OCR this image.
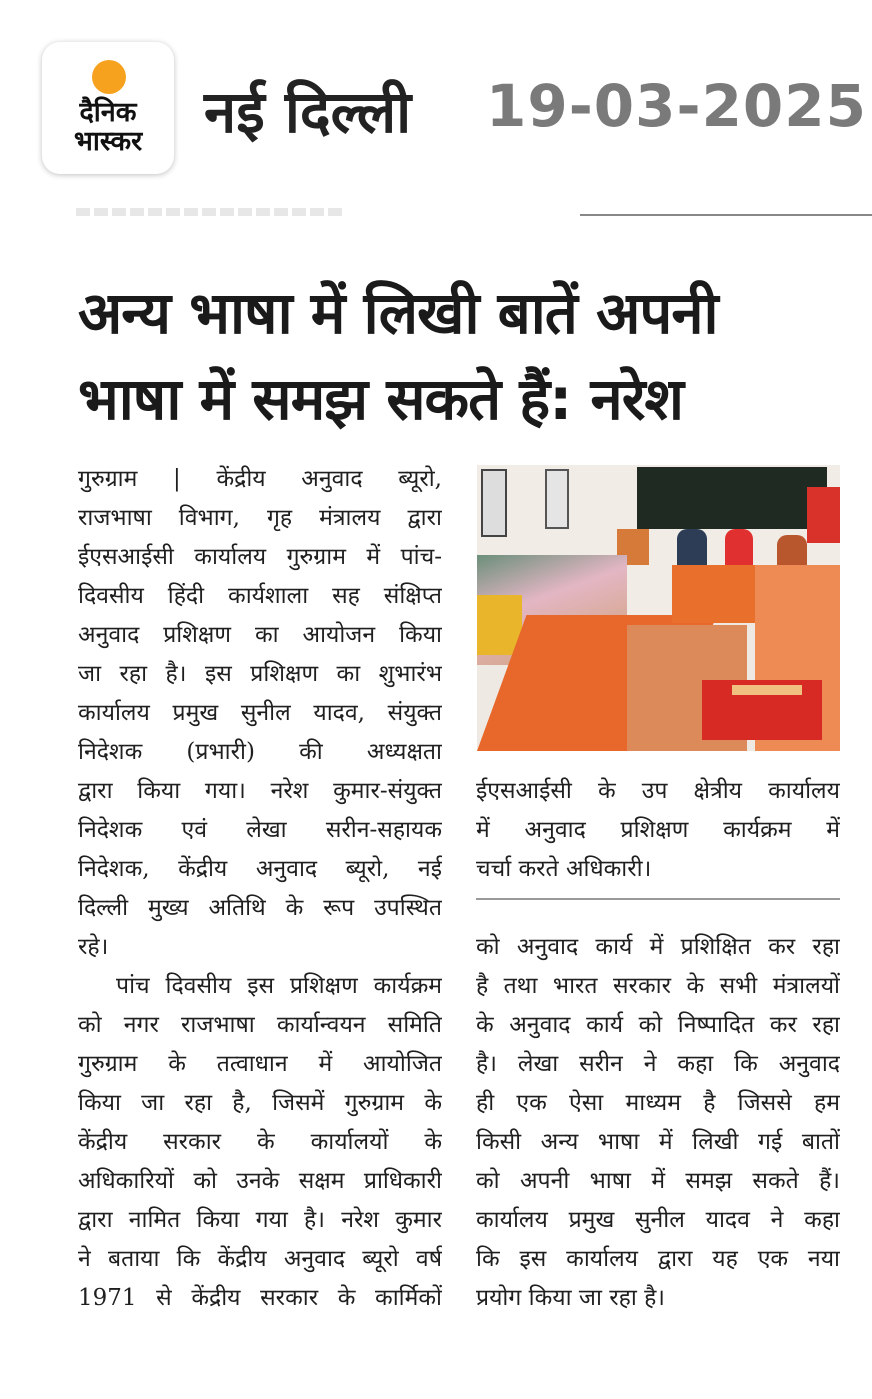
दैनिक
भास्कर	नई दिल्ली 19-03-2025
अन्य भाषा में लिखी बातें अपनी
भाषा में समझ सकते हैं: नरेश
गुरुग्राम | केंद्रीय अनुवाद ब्यूरो,
राजभाषा विभाग, गृह मंत्रालय द्वारा
ईएसआईसी कार्यालय गुरुग्राम में पांच-
दिवसीय हिंदी कार्यशाला सह संक्षिप्त
अनुवाद प्रशिक्षण का आयोजन किया
जा रहा है। इस प्रशिक्षण का शुभारंभ
कार्यालय प्रमुख सुनील यादव, संयुक्त
निदेशक (प्रभारी) की अध्यक्षता
द्वारा किया गया। नरेश कुमार-संयुक्त
निदेशक एवं लेखा सरीन-सहायक
निदेशक, केंद्रीय अनुवाद ब्यूरो, नई
दिल्ली मुख्य अतिथि के रूप उपस्थित
रहे।
पांच दिवसीय इस प्रशिक्षण कार्यक्रम
को नगर राजभाषा कार्यान्वयन समिति
गुरुग्राम के तत्वाधान में आयोजित
किया जा रहा है, जिसमें गुरुग्राम के
केंद्रीय सरकार के कार्यालयों के
अधिकारियों को उनके सक्षम प्राधिकारी
द्वारा नामित किया गया है। नरेश कुमार
ने बताया कि केंद्रीय अनुवाद ब्यूरो वर्ष
1971 से केंद्रीय सरकार के कार्मिकों
ईएसआईसी के उप क्षेत्रीय कार्यालय
में अनुवाद प्रशिक्षण कार्यक्रम में
चर्चा करते अधिकारी।
को अनुवाद कार्य में प्रशिक्षित कर रहा
है तथा भारत सरकार के सभी मंत्रालयों
के अनुवाद कार्य को निष्पादित कर रहा
है। लेखा सरीन ने कहा कि अनुवाद
ही एक ऐसा माध्यम है जिससे हम
किसी अन्य भाषा में लिखी गई बातों
को अपनी भाषा में समझ सकते हैं।
कार्यालय प्रमुख सुनील यादव ने कहा
कि इस कार्यालय द्वारा यह एक नया
प्रयोग किया जा रहा है।
